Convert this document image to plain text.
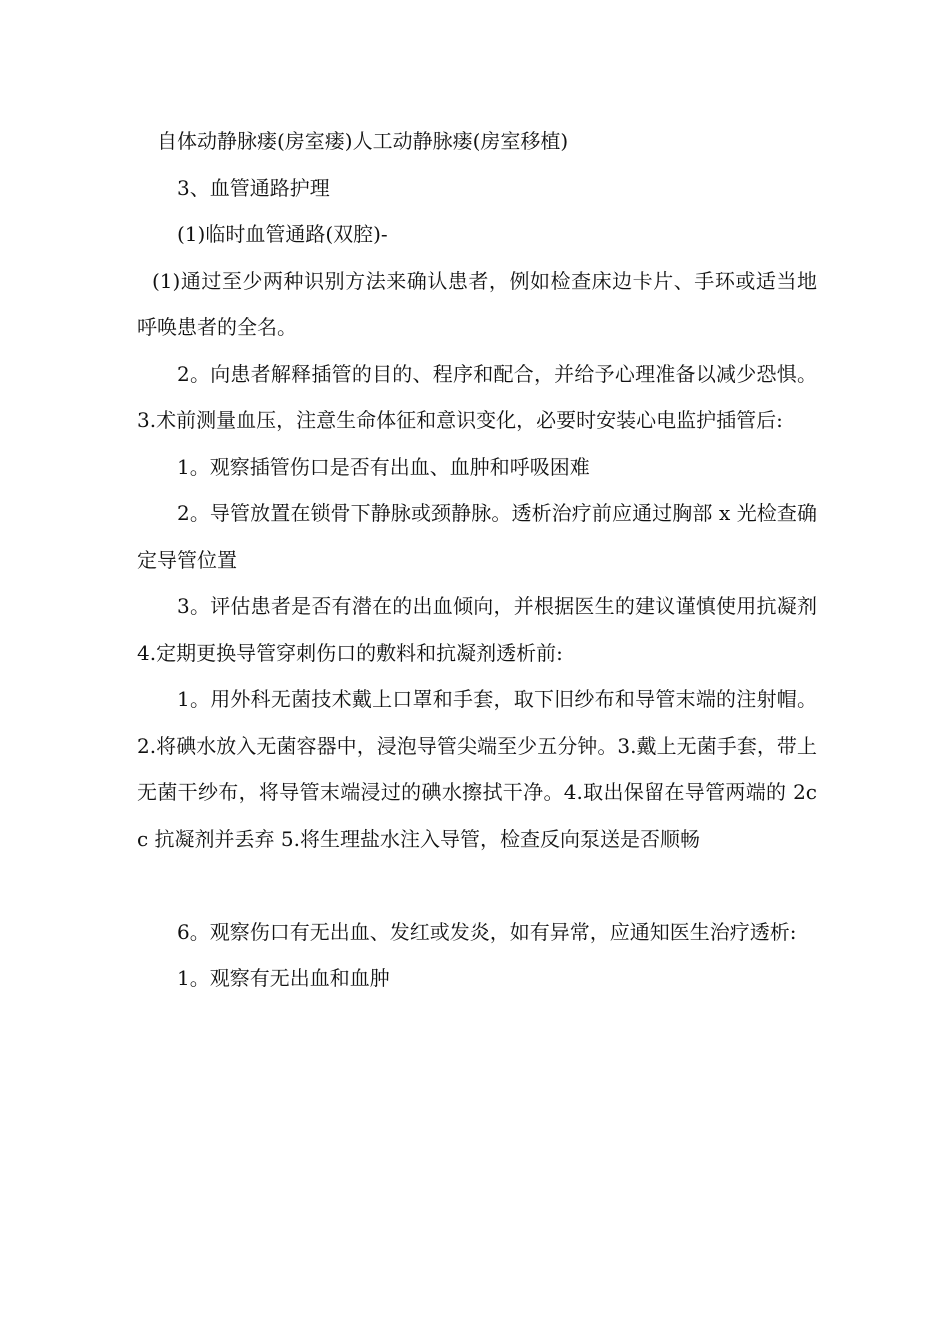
自体动静脉瘘(房室瘘)人工动静脉瘘(房室移植)

3、血管通路护理

(1)临时血管通路(双腔)-

(1)通过至少两种识别方法来确认患者，例如检查床边卡片、手环或适当地呼唤患者的全名。

2。向患者解释插管的目的、程序和配合，并给予心理准备以减少恐惧。3.术前测量血压，注意生命体征和意识变化，必要时安装心电监护插管后:

1。观察插管伤口是否有出血、血肿和呼吸困难

2。导管放置在锁骨下静脉或颈静脉。透析治疗前应通过胸部 x 光检查确定导管位置

3。评估患者是否有潜在的出血倾向，并根据医生的建议谨慎使用抗凝剂 4.定期更换导管穿刺伤口的敷料和抗凝剂透析前:

1。用外科无菌技术戴上口罩和手套，取下旧纱布和导管末端的注射帽。2.将碘水放入无菌容器中，浸泡导管尖端至少五分钟。3.戴上无菌手套，带上无菌干纱布，将导管末端浸过的碘水擦拭干净。4.取出保留在导管两端的 2cc 抗凝剂并丢弃 5.将生理盐水注入导管，检查反向泵送是否顺畅

6。观察伤口有无出血、发红或发炎，如有异常，应通知医生治疗透析:

1。观察有无出血和血肿
